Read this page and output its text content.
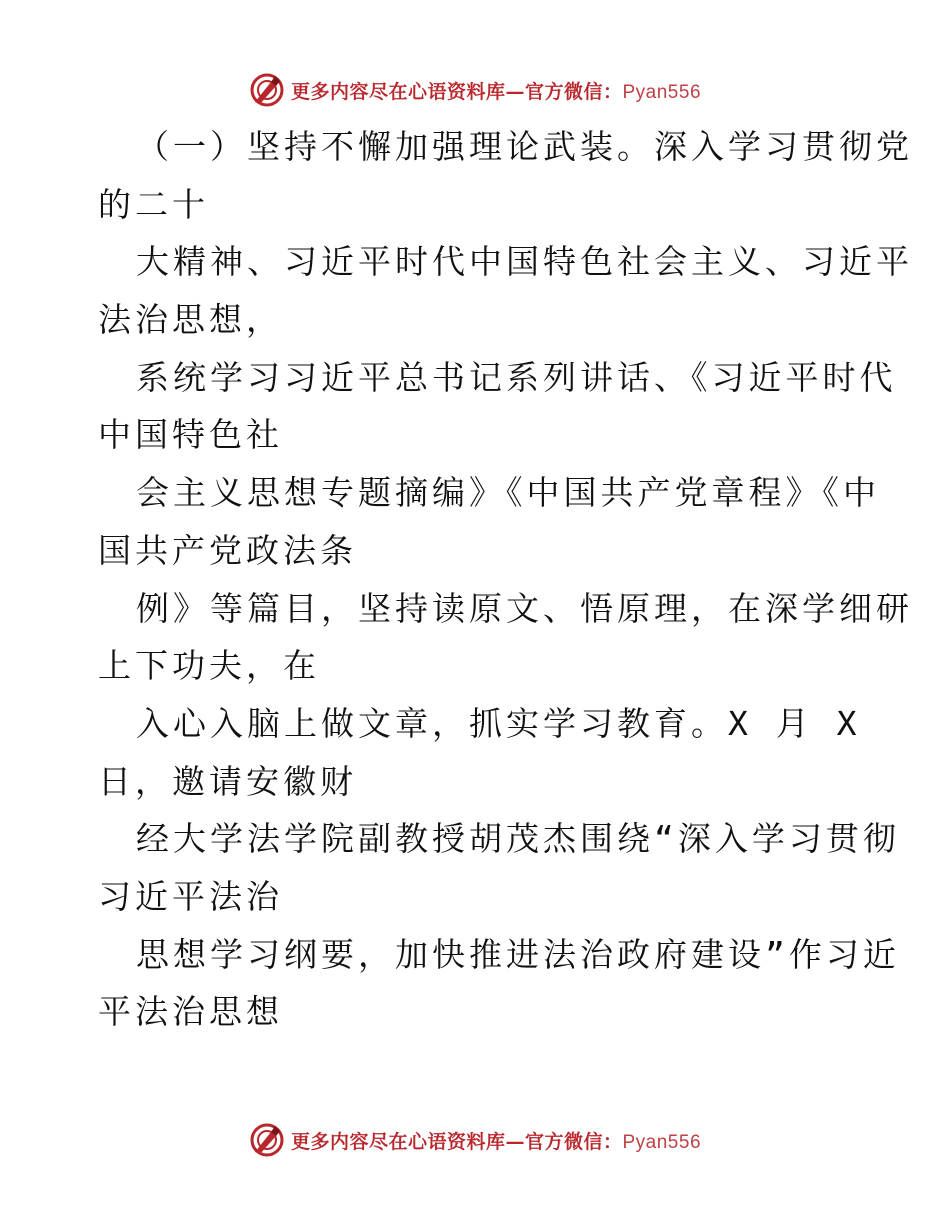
更多内容尽在心语资料库—官方微信：Pyan556
（一）坚持不懈加强理论武装。深入学习贯彻党
的二十
大精神、习近平时代中国特色社会主义、习近平
法治思想，
系统学习习近平总书记系列讲话、《习近平时代
中国特色社
会主义思想专题摘编》《中国共产党章程》《中
国共产党政法条
例》等篇目，坚持读原文、悟原理，在深学细研
上下功夫，在
入心入脑上做文章，抓实学习教育。X 月 X
日，邀请安徽财
经大学法学院副教授胡茂杰围绕“深入学习贯彻
习近平法治
思想学习纲要，加快推进法治政府建设”作习近
平法治思想
更多内容尽在心语资料库—官方微信：Pyan556
